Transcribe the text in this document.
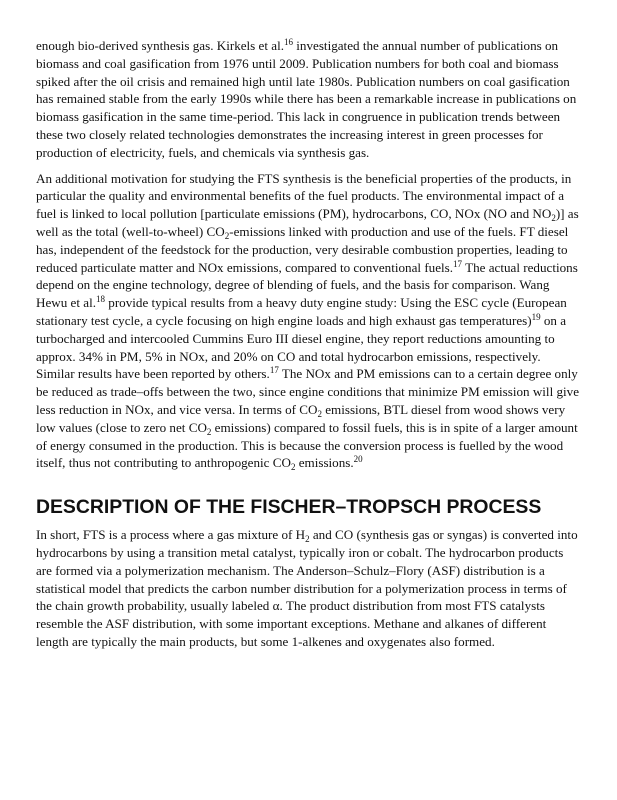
enough bio-derived synthesis gas. Kirkels et al.$^{16}$ investigated the annual number of publications on biomass and coal gasification from 1976 until 2009. Publication numbers for both coal and biomass spiked after the oil crisis and remained high until late 1980s. Publication numbers on coal gasification has remained stable from the early 1990s while there has been a remarkable increase in publications on biomass gasification in the same time-period. This lack in congruence in publication trends between these two closely related technologies demonstrates the increasing interest in green processes for production of electricity, fuels, and chemicals via synthesis gas.

An additional motivation for studying the FTS synthesis is the beneficial properties of the products, in particular the quality and environmental benefits of the fuel products. The environmental impact of a fuel is linked to local pollution [particulate emissions (PM), hydrocarbons, CO, NOx (NO and $NO_2$)] as well as the total (well-to-wheel) $CO_2$-emissions linked with production and use of the fuels. FT diesel has, independent of the feedstock for the production, very desirable combustion properties, leading to reduced particulate matter and NOx emissions, compared to conventional fuels.$^{17}$ The actual reductions depend on the engine technology, degree of blending of fuels, and the basis for comparison. Wang Hewu et al.$^{18}$ provide typical results from a heavy duty engine study: Using the ESC cycle (European stationary test cycle, a cycle focusing on high engine loads and high exhaust gas temperatures)$^{19}$ on a turbocharged and intercooled Cummins Euro III diesel engine, they report reductions amounting to approx. 34% in PM, 5% in NOx, and 20% on CO and total hydrocarbon emissions, respectively. Similar results have been reported by others.$^{17}$ The NOx and PM emissions can to a certain degree only be reduced as trade–offs between the two, since engine conditions that minimize PM emission will give less reduction in NOx, and vice versa. In terms of $CO_2$ emissions, BTL diesel from wood shows very low values (close to zero net $CO_2$ emissions) compared to fossil fuels, this is in spite of a larger amount of energy consumed in the production. This is because the conversion process is fuelled by the wood itself, thus not contributing to anthropogenic $CO_2$ emissions.$^{20}$

DESCRIPTION OF THE FISCHER–TROPSCH PROCESS

In short, FTS is a process where a gas mixture of $H_2$ and CO (synthesis gas or syngas) is converted into hydrocarbons by using a transition metal catalyst, typically iron or cobalt. The hydrocarbon products are formed via a polymerization mechanism. The Anderson–Schulz–Flory (ASF) distribution is a statistical model that predicts the carbon number distribution for a polymerization process in terms of the chain growth probability, usually labeled α. The product distribution from most FTS catalysts resemble the ASF distribution, with some important exceptions. Methane and alkanes of different length are typically the main products, but some 1-alkenes and oxygenates also formed.
